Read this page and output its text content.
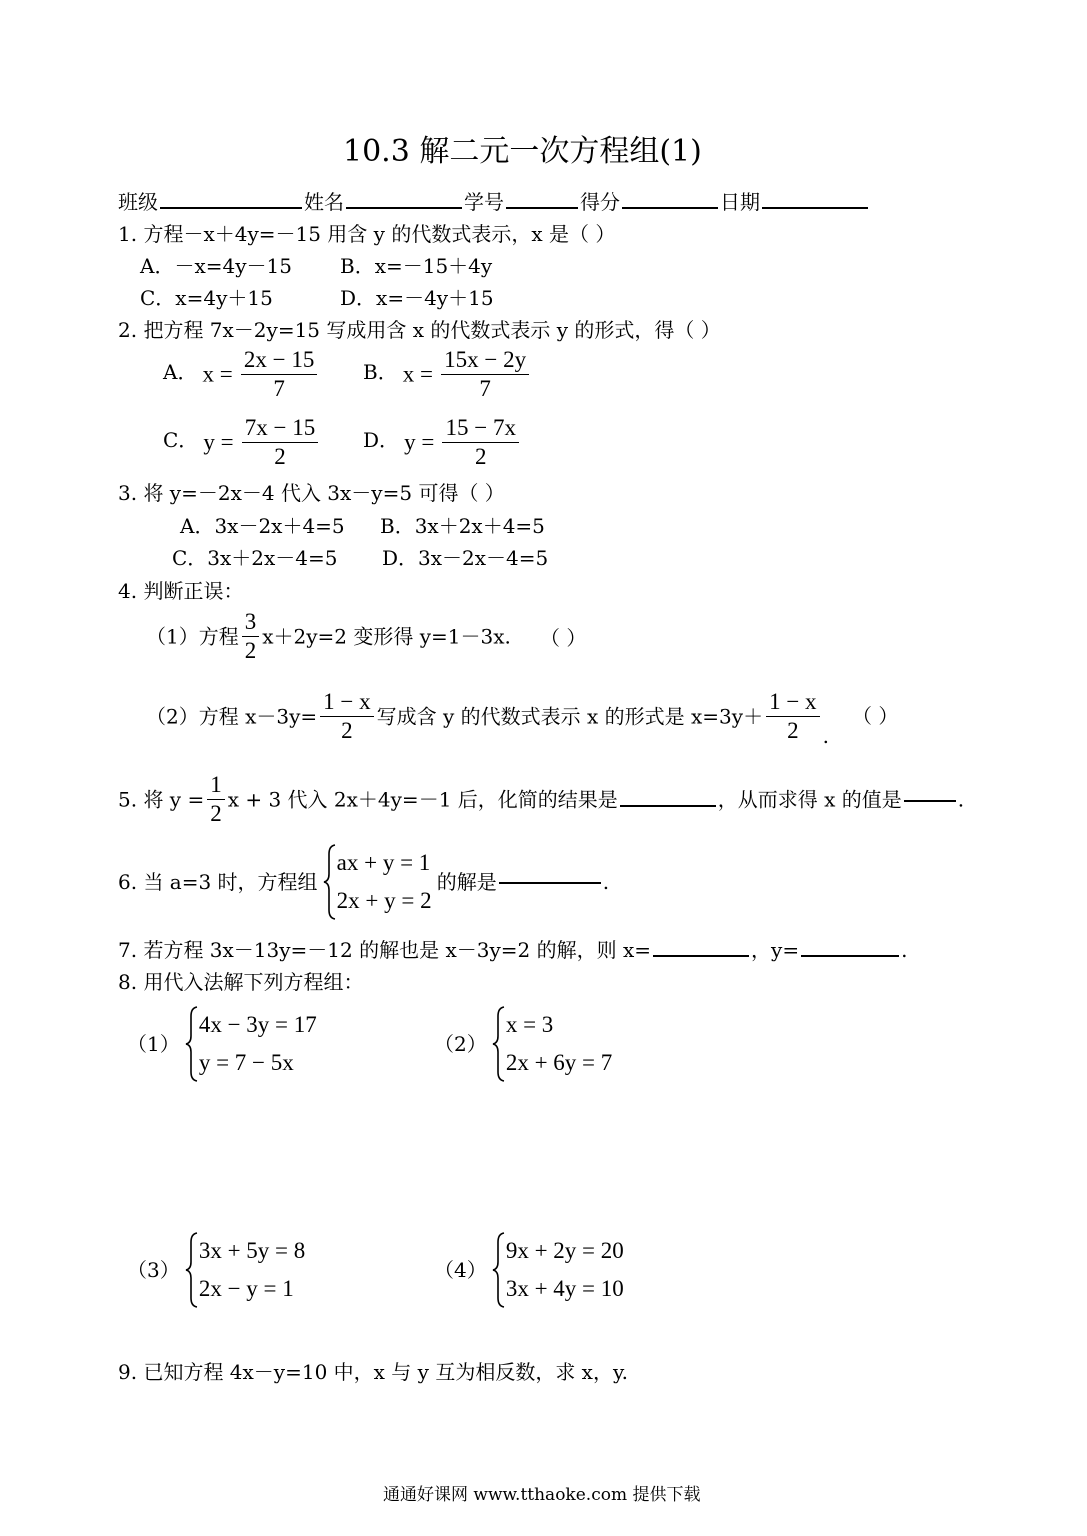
10.3 解二元一次方程组(1)
班级	姓名	学号	得分	日期
1. 方程－x＋4y=－15 用含 y 的代数式表示，x 是（ ）
A．－x=4y－15 B．x=－15＋4y
C．x=4y＋15	D．x=－4y＋15
2. 把方程 7x－2y=15 写成用含 x 的代数式表示 y 的形式，得（ ）
A． $x = \frac{2x - 15}{7}$ B． $x = \frac{15x - 2y}{7}$
C． $y = \frac{7x - 15}{2}$ D． $y = \frac{15 - 7x}{2}$
3. 将 y=－2x－4 代入 3x－y=5 可得（ ）
A．3x－2x＋4=5 B．3x＋2x＋4=5
C．3x＋2x－4=5 D．3x－2x－4=5
4. 判断正误：
（1）方程 $\frac{3}{2} x+2y=2$ 变形得 y=1－3x. （ ）
（2）方程 $x-3y= \frac{1 - x}{2}$ 写成含 y 的代数式表示 x 的形式是 $x=3y+ \frac{1 - x}{2}$ .
（ ）
5. 将 $y = \frac{1}{2}$ x + 3 代入 2x＋4y=－1 后，化简的结果是	，从而求得 x 的值是	.
6. 当 a=3 时，方程组
ax + y = 1
2x + y = 2
的解是	.
7. 若方程 3x－13y=－12 的解也是 x－3y=2 的解，则 x=	，y=	.
8. 用代入法解下列方程组：
（1）
4x − 3y = 17
y = 7 − 5x
（2）
x = 3
2x + 6y = 7
（3）
3x + 5y = 8
2x − y = 1
（4）
9x + 2y = 20
3x + 4y = 10
9. 已知方程 4x－y=10 中，x 与 y 互为相反数，求 x，y.
通通好课网 www.tthaoke.com 提供下载
